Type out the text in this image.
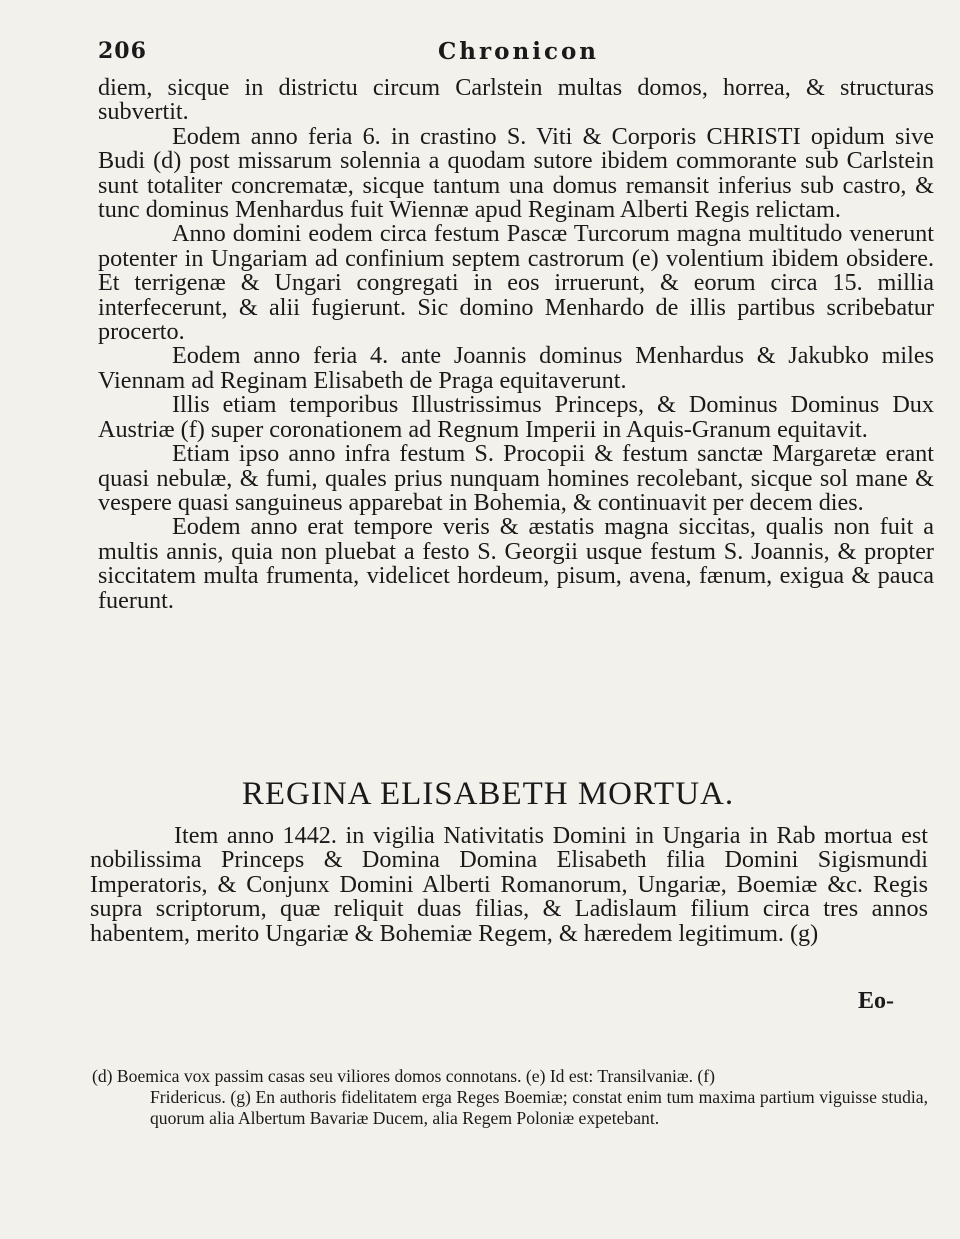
206	Chronicon

diem, sicque in districtu circum Carlstein multas domos, horrea, & structuras subvertit.

Eodem anno feria 6. in crastino S. Viti & Corporis CHRISTI opidum sive Budi (d) post missarum solennia a quodam sutore ibidem commorante sub Carlstein sunt totaliter concrematæ, sicque tantum una domus remansit inferius sub castro, & tunc dominus Menhardus fuit Wiennæ apud Reginam Alberti Regis relictam.

Anno domini eodem circa festum Pascæ Turcorum magna multitudo venerunt potenter in Ungariam ad confinium septem castrorum (e) volentium ibidem obsidere. Et terrigenæ & Ungari congregati in eos irruerunt, & eorum circa 15. millia interfecerunt, & alii fugierunt. Sic domino Menhardo de illis partibus scribebatur procerto.

Eodem anno feria 4. ante Joannis dominus Menhardus & Jakubko miles Viennam ad Reginam Elisabeth de Praga equitaverunt.

Illis etiam temporibus Illustrissimus Princeps, & Dominus Dominus Dux Austriæ (f) super coronationem ad Regnum Imperii in Aquis-Granum equitavit.

Etiam ipso anno infra festum S. Procopii & festum sanctæ Margaretæ erant quasi nebulæ, & fumi, quales prius nunquam homines recolebant, sicque sol mane & vespere quasi sanguineus apparebat in Bohemia, & continuavit per decem dies.

Eodem anno erat tempore veris & æstatis magna siccitas, qualis non fuit a multis annis, quia non pluebat a festo S. Georgii usque festum S. Joannis, & propter siccitatem multa frumenta, videlicet hordeum, pisum, avena, fænum, exigua & pauca fuerunt.

REGINA ELISABETH MORTUA.

Item anno 1442. in vigilia Nativitatis Domini in Ungaria in Rab mortua est nobilissima Princeps & Domina Domina Elisabeth filia Domini Sigismundi Imperatoris, & Conjunx Domini Alberti Romanorum, Ungariæ, Boemiæ &c. Regis supra scriptorum, quæ reliquit duas filias, & Ladislaum filium circa tres annos habentem, merito Ungariæ & Bohemiæ Regem, & hæredem legitimum. (g)

Eo-

(d) Boemica vox passim casas seu viliores domos connotans. (e) Id est: Transilvaniæ. (f)

Fridericus. (g) En authoris fidelitatem erga Reges Boemiæ; constat enim tum maxima partium viguisse studia, quorum alia Albertum Bavariæ Ducem, alia Regem Poloniæ expetebant.
